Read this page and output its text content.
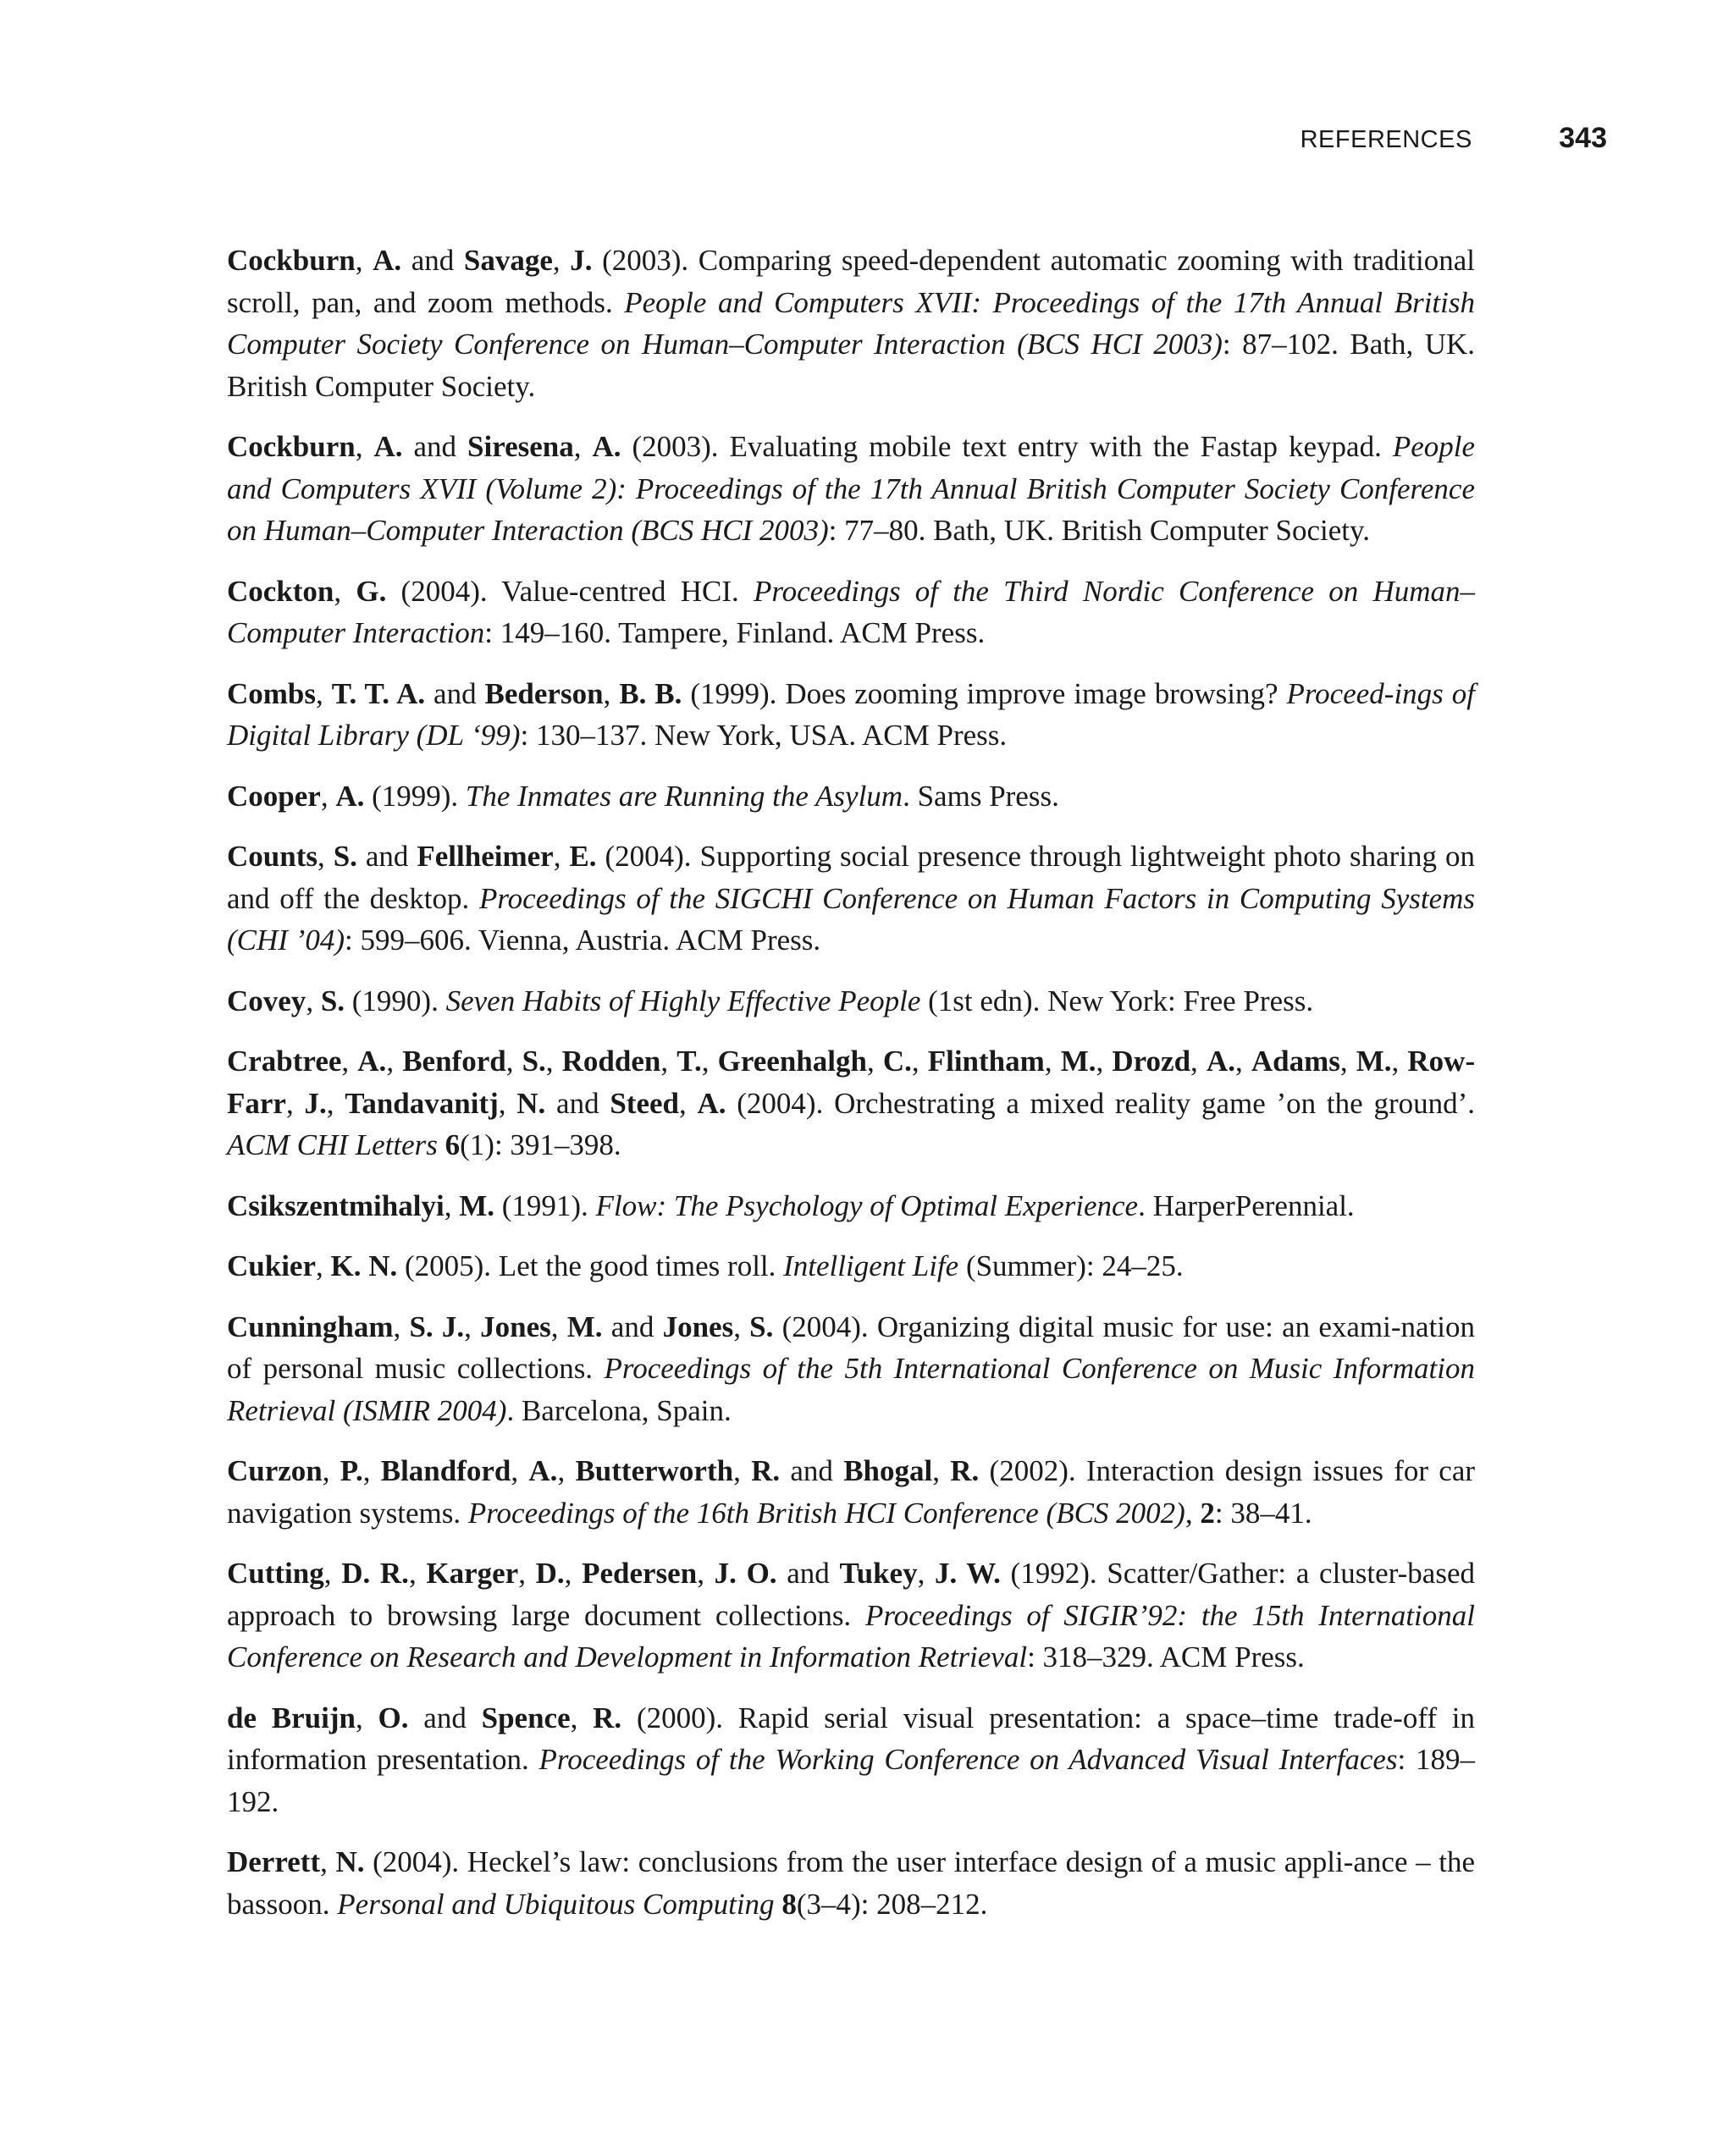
REFERENCES	343

Cockburn, A. and Savage, J. (2003). Comparing speed-dependent automatic zooming with traditional scroll, pan, and zoom methods. People and Computers XVII: Proceedings of the 17th Annual British Computer Society Conference on Human–Computer Interaction (BCS HCI 2003): 87–102. Bath, UK. British Computer Society.

Cockburn, A. and Siresena, A. (2003). Evaluating mobile text entry with the Fastap keypad. People and Computers XVII (Volume 2): Proceedings of the 17th Annual British Computer Society Conference on Human–Computer Interaction (BCS HCI 2003): 77–80. Bath, UK. British Computer Society.

Cockton, G. (2004). Value-centred HCI. Proceedings of the Third Nordic Conference on Human–Computer Interaction: 149–160. Tampere, Finland. ACM Press.

Combs, T. T. A. and Bederson, B. B. (1999). Does zooming improve image browsing? Proceed-ings of Digital Library (DL ‘99): 130–137. New York, USA. ACM Press.

Cooper, A. (1999). The Inmates are Running the Asylum. Sams Press.

Counts, S. and Fellheimer, E. (2004). Supporting social presence through lightweight photo sharing on and off the desktop. Proceedings of the SIGCHI Conference on Human Factors in Computing Systems (CHI ’04): 599–606. Vienna, Austria. ACM Press.

Covey, S. (1990). Seven Habits of Highly Effective People (1st edn). New York: Free Press.

Crabtree, A., Benford, S., Rodden, T., Greenhalgh, C., Flintham, M., Drozd, A., Adams, M., Row-Farr, J., Tandavanitj, N. and Steed, A. (2004). Orchestrating a mixed reality game ’on the ground’. ACM CHI Letters 6(1): 391–398.

Csikszentmihalyi, M. (1991). Flow: The Psychology of Optimal Experience. HarperPerennial.

Cukier, K. N. (2005). Let the good times roll. Intelligent Life (Summer): 24–25.

Cunningham, S. J., Jones, M. and Jones, S. (2004). Organizing digital music for use: an exami-nation of personal music collections. Proceedings of the 5th International Conference on Music Information Retrieval (ISMIR 2004). Barcelona, Spain.

Curzon, P., Blandford, A., Butterworth, R. and Bhogal, R. (2002). Interaction design issues for car navigation systems. Proceedings of the 16th British HCI Conference (BCS 2002), 2: 38–41.

Cutting, D. R., Karger, D., Pedersen, J. O. and Tukey, J. W. (1992). Scatter/Gather: a cluster-based approach to browsing large document collections. Proceedings of SIGIR’92: the 15th International Conference on Research and Development in Information Retrieval: 318–329. ACM Press.

de Bruijn, O. and Spence, R. (2000). Rapid serial visual presentation: a space–time trade-off in information presentation. Proceedings of the Working Conference on Advanced Visual Interfaces: 189–192.

Derrett, N. (2004). Heckel’s law: conclusions from the user interface design of a music appli-ance – the bassoon. Personal and Ubiquitous Computing 8(3–4): 208–212.
